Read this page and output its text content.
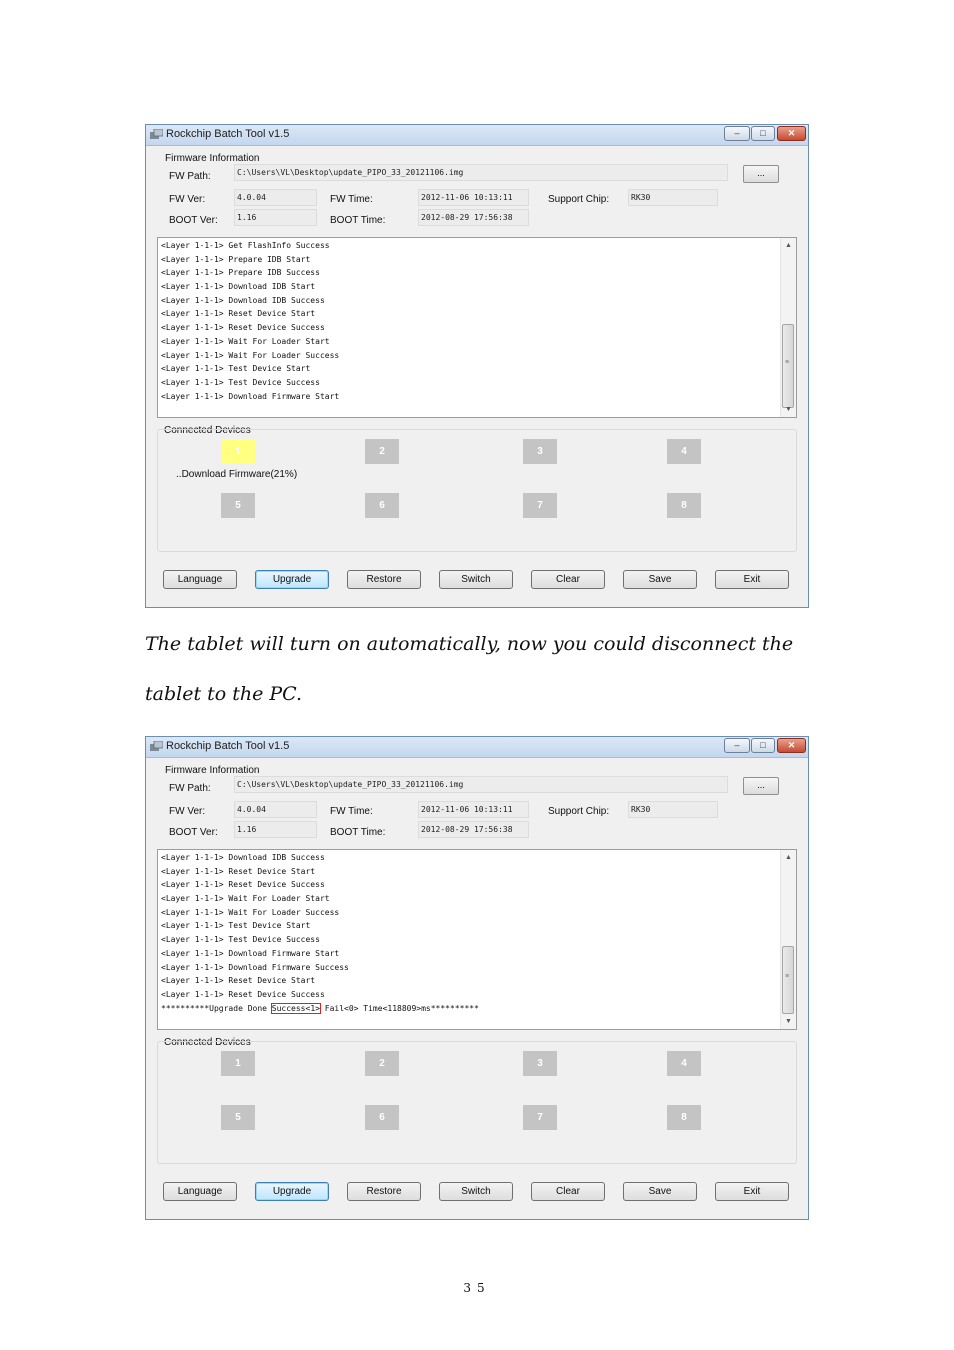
Rockchip Batch Tool v1.5	–	□	✕
Firmware Information
FW Path:	C:\Users\VL\Desktop\update_PIPO_33_20121106.img	...
FW Ver:	4.0.04	FW Time:	2012-11-06 10:13:11	Support Chip:	RK30
BOOT Ver:	1.16	BOOT Time:	2012-08-29 17:56:38
<Layer 1-1-1> Get FlashInfo Success
<Layer 1-1-1> Prepare IDB Start
<Layer 1-1-1> Prepare IDB Success
<Layer 1-1-1> Download IDB Start
<Layer 1-1-1> Download IDB Success
<Layer 1-1-1> Reset Device Start
<Layer 1-1-1> Reset Device Success
<Layer 1-1-1> Wait For Loader Start
<Layer 1-1-1> Wait For Loader Success
<Layer 1-1-1> Test Device Start
<Layer 1-1-1> Test Device Success
<Layer 1-1-1> Download Firmware Start
▲
≡
▼
Connected Devices
1	2	3	4
Download Firmware(21%)..
5	6	7	8
Language	Upgrade	Restore	Switch	Clear	Save	Exit
The tablet will turn on automatically, now you could disconnect the
tablet to the PC.
Rockchip Batch Tool v1.5	–	□	✕
Firmware Information
FW Path:	C:\Users\VL\Desktop\update_PIPO_33_20121106.img	...
FW Ver:	4.0.04	FW Time:	2012-11-06 10:13:11	Support Chip:	RK30
BOOT Ver:	1.16	BOOT Time:	2012-08-29 17:56:38
<Layer 1-1-1> Download IDB Success
<Layer 1-1-1> Reset Device Start
<Layer 1-1-1> Reset Device Success
<Layer 1-1-1> Wait For Loader Start
<Layer 1-1-1> Wait For Loader Success
<Layer 1-1-1> Test Device Start
<Layer 1-1-1> Test Device Success
<Layer 1-1-1> Download Firmware Start
<Layer 1-1-1> Download Firmware Success
<Layer 1-1-1> Reset Device Start
<Layer 1-1-1> Reset Device Success
**********Upgrade Done Success<1> Fail<0> Time<118809>ms**********
▲
≡
▼
Connected Devices
1	2	3	4
5	6	7	8
Language	Upgrade	Restore	Switch	Clear	Save	Exit
35
